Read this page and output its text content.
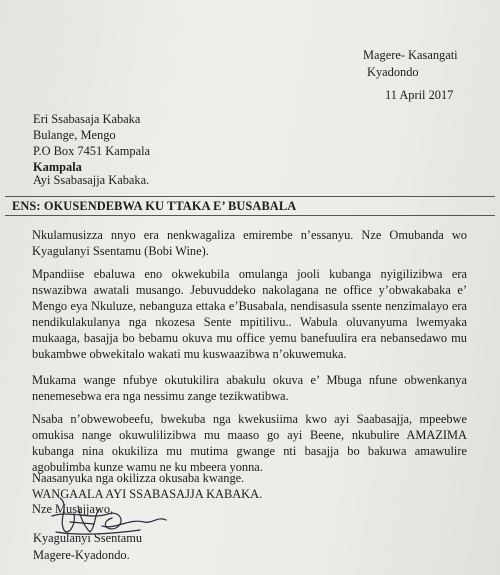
Magere- Kasangati
Kyadondo
11 April 2017
Eri Ssabasaja Kabaka
Bulange, Mengo
P.O Box 7451 Kampala
Kampala
Ayi Ssabasajja Kabaka.
ENS: OKUSENDEBWA KU TTAKA E’ BUSABALA

Nkulamusizza nnyo era nenkwagaliza emirembe n’essanyu. Nze Omubanda wo Kyagulanyi Ssentamu (Bobi Wine).

Mpandiise ebaluwa eno okwekubila omulanga jooli kubanga nyigilizibwa era nswazibwa awatali musango. Jebuvuddeko nakolagana ne office y’obwakabaka e’ Mengo eya Nkuluze, nebanguza ettaka e’Busabala, nendisasula ssente nenzimalayo era nendikulakulanya nga nkozesa Sente mpitilivu.. Wabula oluvanyuma lwemyaka mukaaga, basajja bo bebamu okuva mu office yemu banefuulira era nebansedawo mu bukambwe obwekitalo wakati mu kuswaazibwa n’okuwemuka.

Mukama wange nfubye okutukilira abakulu okuva e’ Mbuga nfune obwenkanya nenemesebwa era nga nessimu zange tezikwatibwa.

Nsaba n’obwewobeefu, bwekuba nga kwekusiima kwo ayi Saabasajja, mpeebwe omukisa nange okuwulilizibwa mu maaso go ayi Beene, nkubulire AMAZIMA kubanga nina okukiliza mu mutima gwange nti basajja bo bakuwa amawulire agobulimba kunze wamu ne ku mbeera yonna.

Naasanyuka nga okilizza okusaba kwange.
WANGAALA AYI SSABASAJJA KABAKA.
Nze Musajjawo,
Kyagulanyi Ssentamu
Magere-Kyadondo.
